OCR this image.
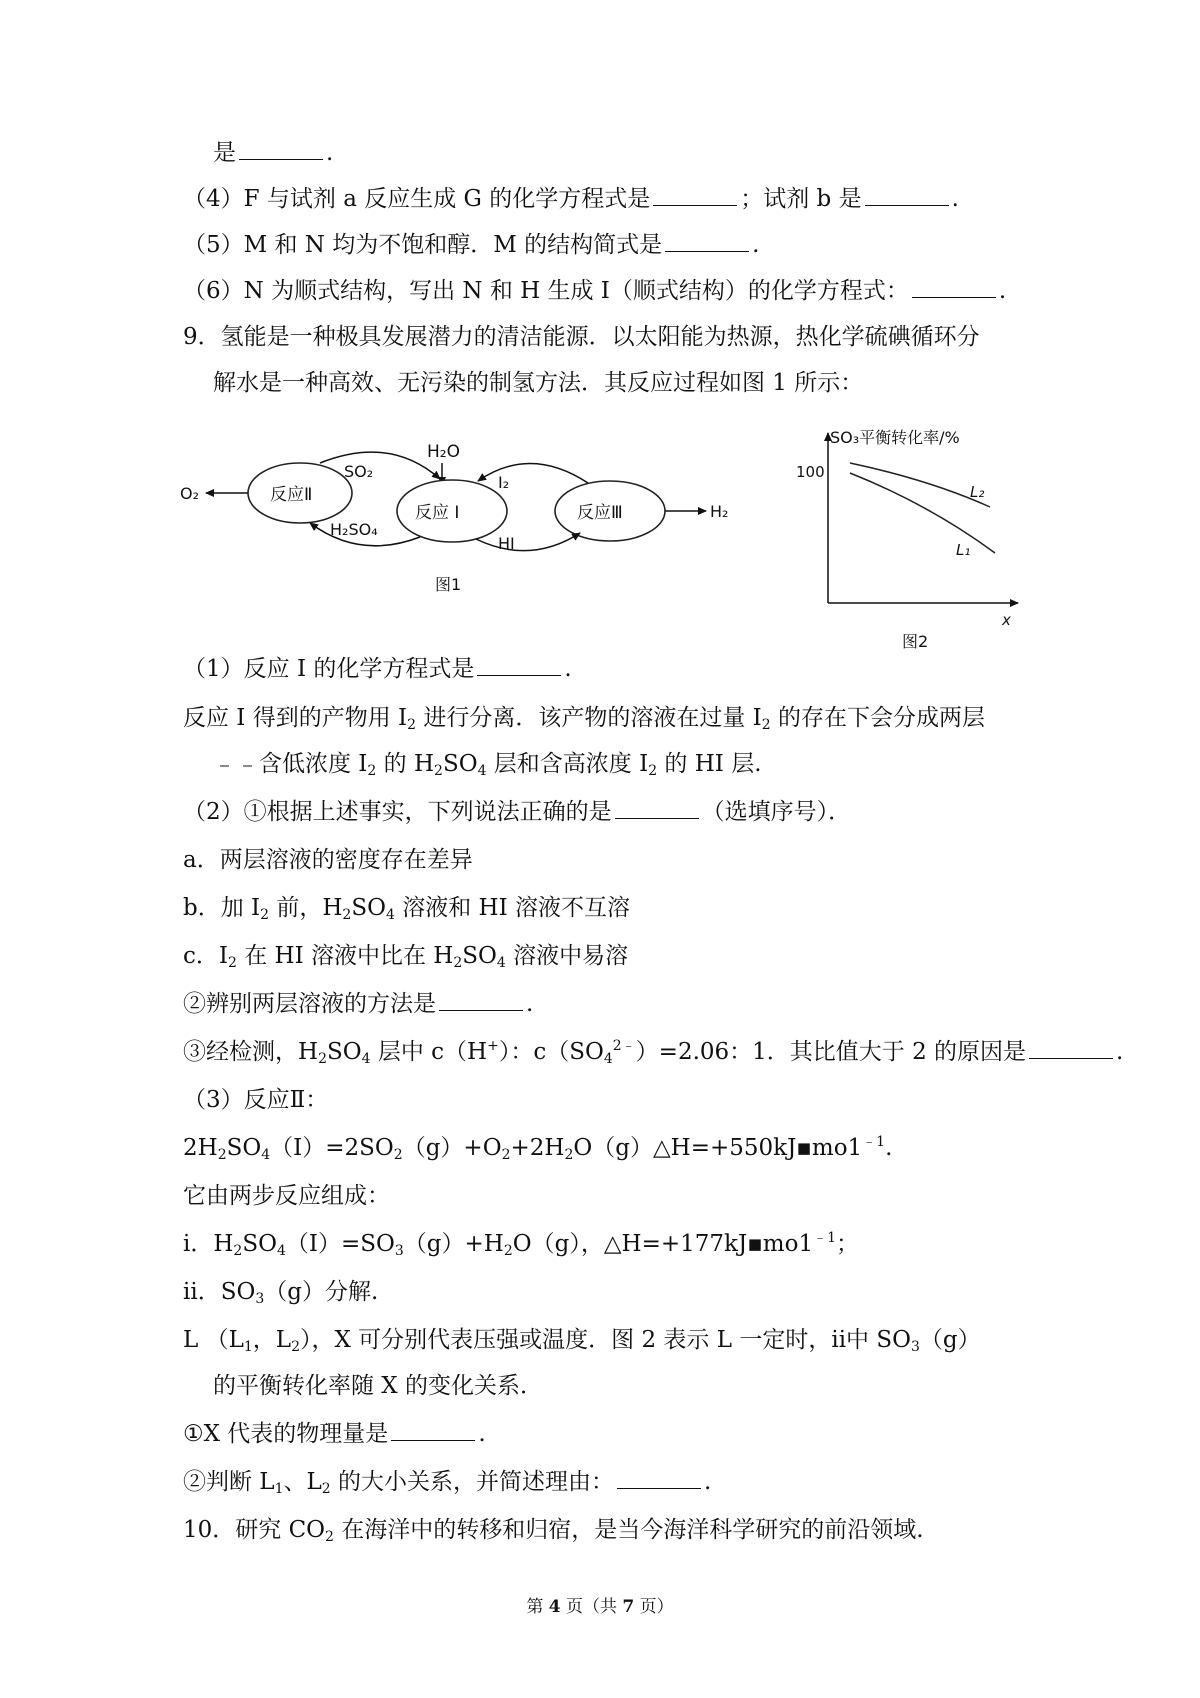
是	.
（4）F 与试剂 a 反应生成 G 的化学方程式是	；试剂 b 是	.
（5）M 和 N 均为不饱和醇．M 的结构简式是	.
（6）N 为顺式结构，写出 N 和 H 生成 I（顺式结构）的化学方程式：	.
9．氢能是一种极具发展潜力的清洁能源．以太阳能为热源，热化学硫碘循环分
解水是一种高效、无污染的制氢方法．其反应过程如图 1 所示：
H₂O
反应Ⅱ
反应 I	反应Ⅲ
SO₂
H₂SO₄
I₂
HI
O₂
H₂
图1
SO₃平衡转化率/%
100
L₂
L₁
x
图2
（1）反应 I 的化学方程式是	.
反应 I 得到的产物用 $I_2$ 进行分离．该产物的溶液在过量 $I_2$ 的存在下会分成两层
﹣﹣含低浓度 $I_2$ 的 $H_2SO_4$ 层和含高浓度 $I_2$ 的 HI 层.
（2）①根据上述事实，下列说法正确的是	（选填序号）．
a．两层溶液的密度存在差异
b．加 $I_2$ 前，$H_2SO_4$ 溶液和 HI 溶液不互溶
c．$I_2$ 在 HI 溶液中比在 $H_2SO_4$ 溶液中易溶
②辨别两层溶液的方法是	.
③经检测，$H_2SO_4$ 层中 c（H+）：$c(SO_4^{2﹣})=2.06$：1．其比值大于 2 的原因是	.
（3）反应Ⅱ：
$2H_2SO_4(I)=2SO_2(g)+O_2+2H_2O(g)\triangle H=+550kJ▪mo1^{﹣1}$.
它由两步反应组成：
ⅰ．$H_2SO_4(I)=SO_3(g)+H_2O(g)$，$\triangle H=+177kJ▪mo1^{﹣1}$；
ⅱ．$SO_3(g)$分解.
L （$L_1$，$L_2$），X 可分别代表压强或温度．图 2 表示 L 一定时，ⅱ中 $SO_3(g)$
的平衡转化率随 X 的变化关系．
①X 代表的物理量是	.
②判断 $L_1$、$L_2$ 的大小关系，并简述理由：	.
10．研究 $CO_2$ 在海洋中的转移和归宿，是当今海洋科学研究的前沿领域.
第 4 页（共 7 页）
